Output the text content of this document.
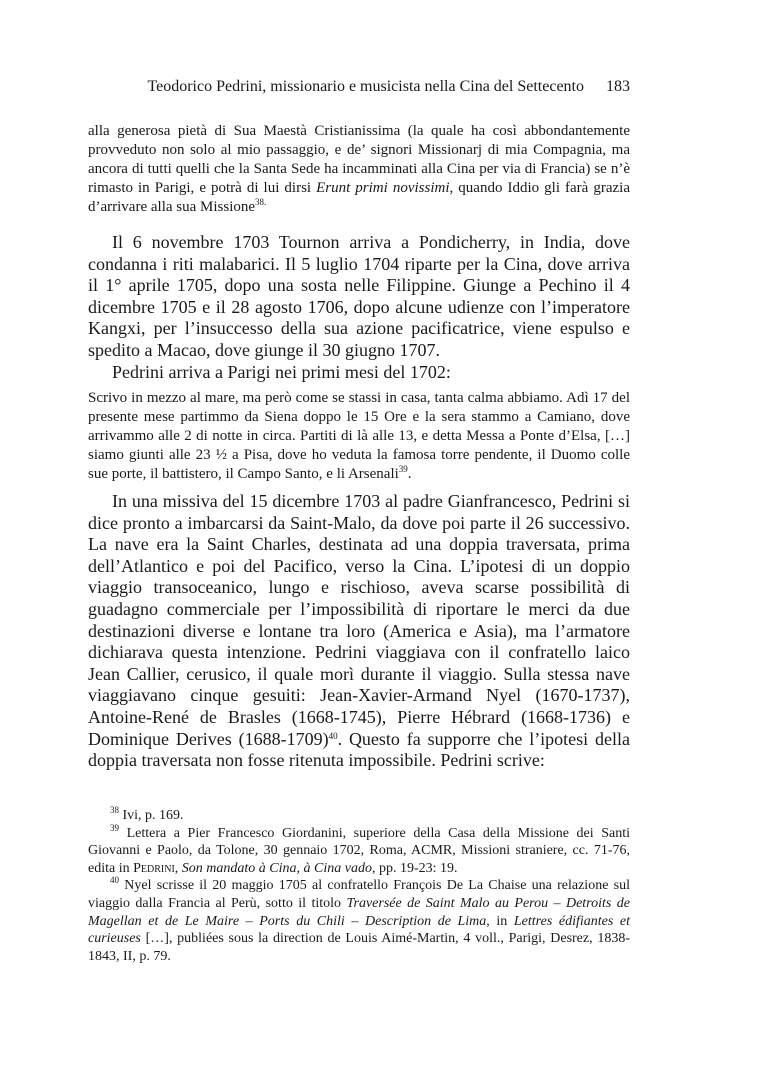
Teodorico Pedrini, missionario e musicista nella Cina del Settecento 183

alla generosa pietà di Sua Maestà Cristianissima (la quale ha così abbondantemente provveduto non solo al mio passaggio, e de’ signori Missionarj di mia Compagnia, ma ancora di tutti quelli che la Santa Sede ha incamminati alla Cina per via di Francia) se n’è rimasto in Parigi, e potrà di lui dirsi Erunt primi novissimi, quando Iddio gli farà grazia d’arrivare alla sua Missione$^{38.}$

Il 6 novembre 1703 Tournon arriva a Pondicherry, in India, dove condanna i riti malabarici. Il 5 luglio 1704 riparte per la Cina, dove arriva il 1° aprile 1705, dopo una sosta nelle Filippine. Giunge a Pechino il 4 dicembre 1705 e il 28 agosto 1706, dopo alcune udienze con l’imperatore Kangxi, per l’insuccesso della sua azione pacificatrice, viene espulso e spedito a Macao, dove giunge il 30 giugno 1707.

Pedrini arriva a Parigi nei primi mesi del 1702:

Scrivo in mezzo al mare, ma però come se stassi in casa, tanta calma abbiamo. Adì 17 del presente mese partimmo da Siena doppo le 15 Ore e la sera stammo a Camiano, dove arrivammo alle 2 di notte in circa. Partiti di là alle 13, e detta Messa a Ponte d’Elsa, […] siamo giunti alle 23 ½ a Pisa, dove ho veduta la famosa torre pendente, il Duomo colle sue porte, il battistero, il Campo Santo, e li Arsenali$^{39}$.

In una missiva del 15 dicembre 1703 al padre Gianfrancesco, Pedrini si dice pronto a imbarcarsi da Saint-Malo, da dove poi parte il 26 successivo. La nave era la Saint Charles, destinata ad una doppia traversata, prima dell’Atlantico e poi del Pacifico, verso la Cina. L’ipotesi di un doppio viaggio transoceanico, lungo e rischioso, aveva scarse possibilità di guadagno commerciale per l’impossibilità di riportare le merci da due destinazioni diverse e lontane tra loro (America e Asia), ma l’armatore dichiarava questa intenzione. Pedrini viaggiava con il confratello laico Jean Callier, cerusico, il quale morì durante il viaggio. Sulla stessa nave viaggiavano cinque gesuiti: Jean-Xavier-Armand Nyel (1670-1737), Antoine-René de Brasles (1668-1745), Pierre Hébrard (1668-1736) e Dominique Derives (1688-1709)$^{40}$. Questo fa supporre che l’ipotesi della doppia traversata non fosse ritenuta impossibile. Pedrini scrive:

$^{38}$ Ivi, p. 169.

$^{39}$ Lettera a Pier Francesco Giordanini, superiore della Casa della Missione dei Santi Giovanni e Paolo, da Tolone, 30 gennaio 1702, Roma, ACMR, Missioni straniere, cc. 71-76, edita in Pedrini, Son mandato à Cina, à Cina vado, pp. 19-23: 19.

$^{40}$ Nyel scrisse il 20 maggio 1705 al confratello François De La Chaise una relazione sul viaggio dalla Francia al Perù, sotto il titolo Traversée de Saint Malo au Perou – Detroits de Magellan et de Le Maire – Ports du Chili – Description de Lima, in Lettres édifiantes et curieuses […], publiées sous la direction de Louis Aimé-Martin, 4 voll., Parigi, Desrez, 1838-1843, II, p. 79.
